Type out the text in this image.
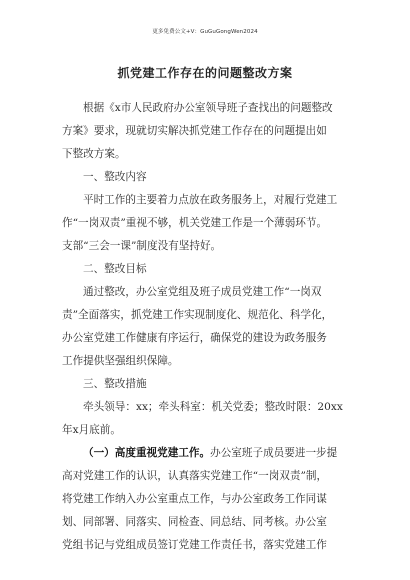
更多免费公文+V：GuGuGongWen2024
抓党建工作存在的问题整改方案
根据《x市人民政府办公室领导班子查找出的问题整改
方案》要求，现就切实解决抓党建工作存在的问题提出如
下整改方案。
一、整改内容
平时工作的主要着力点放在政务服务上，对履行党建工
作“一岗双责”重视不够，机关党建工作是一个薄弱环节。
支部“三会一课”制度没有坚持好。
二、整改目标
通过整改，办公室党组及班子成员党建工作“一岗双
责”全面落实，抓党建工作实现制度化、规范化、科学化，
办公室党建工作健康有序运行，确保党的建设为政务服务
工作提供坚强组织保障。
三、整改措施
牵头领导：xx；牵头科室：机关党委；整改时限：20xx
年x月底前。
（一）高度重视党建工作。办公室班子成员要进一步提
高对党建工作的认识，认真落实党建工作“一岗双责”制，
将党建工作纳入办公室重点工作，与办公室政务工作同谋
划、同部署、同落实、同检查、同总结、同考核。办公室
党组书记与党组成员签订党建工作责任书，落实党建工作
